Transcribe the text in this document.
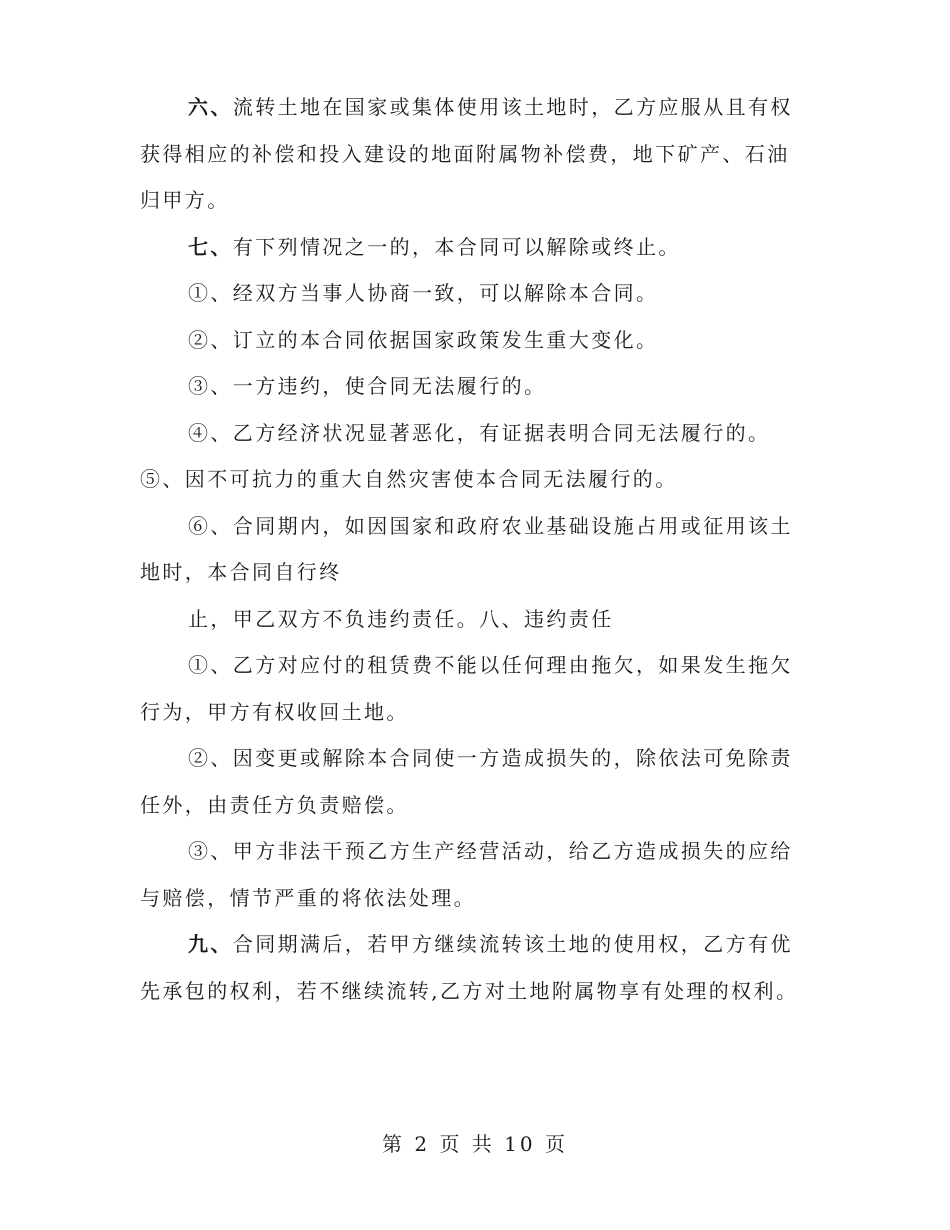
六、流转土地在国家或集体使用该土地时，乙方应服从且有权获得相应的补偿和投入建设的地面附属物补偿费，地下矿产、石油归甲方。

七、有下列情况之一的，本合同可以解除或终止。

①、经双方当事人协商一致，可以解除本合同。

②、订立的本合同依据国家政策发生重大变化。

③、一方违约，使合同无法履行的。

④、乙方经济状况显著恶化，有证据表明合同无法履行的。⑤、因不可抗力的重大自然灾害使本合同无法履行的。

⑥、合同期内，如因国家和政府农业基础设施占用或征用该土地时，本合同自行终

止，甲乙双方不负违约责任。八、违约责任

①、乙方对应付的租赁费不能以任何理由拖欠，如果发生拖欠行为，甲方有权收回土地。

②、因变更或解除本合同使一方造成损失的，除依法可免除责任外，由责任方负责赔偿。

③、甲方非法干预乙方生产经营活动，给乙方造成损失的应给与赔偿，情节严重的将依法处理。

九、合同期满后，若甲方继续流转该土地的使用权，乙方有优先承包的权利，若不继续流转,乙方对土地附属物享有处理的权利。

第 2 页 共 10 页
